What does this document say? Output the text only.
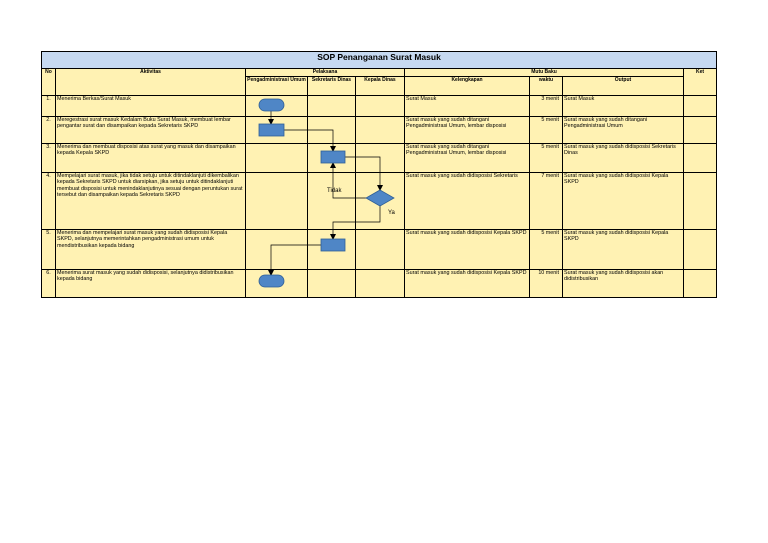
SOP Penanganan Surat Masuk								
No	Aktivitas	Pelaksana			Mutu Baku			Ket
		Pengadministrasi Umum	Sekretaris Dinas	Kepala Dinas	Kelengkapan	waktu	Output	
1.	Menerima Berkas/Surat Masuk				Surat Masuk	3 menit	Surat Masuk	
2.	Meregestrasi surat masuk Kedalam Buku Surat Masuk, membuat lembar pengantar surat dan disampaikan kepada Sekretaris SKPD				Surat masuk yang sudah ditangani Pengadministrasi Umum, lembar disposisi	5 menit	Surat masuk yang sudah ditangani Pengadministrasi Umum	
3.	Menerima dan membuat disposisi atas surat yang masuk dan disampaikan kepada Kepala SKPD				Surat masuk yang sudah ditangani Pengadministrasi Umum, lembar disposisi	5 menit	Surat masuk yang sudah didisposisi Sekretaris Dinas	
4.	Mempelajari surat masuk, jika tidak setuju untuk ditindaklanjuti dikembalikan kepada Sekretaris SKPD untuk diarsipkan, jika setuju untuk ditindaklanjuti membuat disposisi untuk menindaklanjutinya sesuai dengan peruntukan surat tersebut dan disampaikan kepada Sekretaris SKPD				Surat masuk yang sudah didisposisi Sekretaris	7 menit	Surat masuk yang sudah didisposisi Kepala SKPD	
5.	Menerima dan mempelajari surat masuk yang sudah didisposisi Kepala SKPD, selanjutnya memerintahkan pengadministrasi umum untuk mendistribusikan kepada bidang				Surat masuk yang sudah didisposisi Kepala SKPD	5 menit	Surat masuk yang sudah didisposisi Kepala SKPD	
6.	Menerima surat masuk yang sudah didisposisi, selanjutnya didistribusikan kepada bidang				Surat masuk yang sudah didisposisi Kepala SKPD	10 menit	Surat masuk yang sudah didisposisi akan didistribusikan	
Tidak
Ya
